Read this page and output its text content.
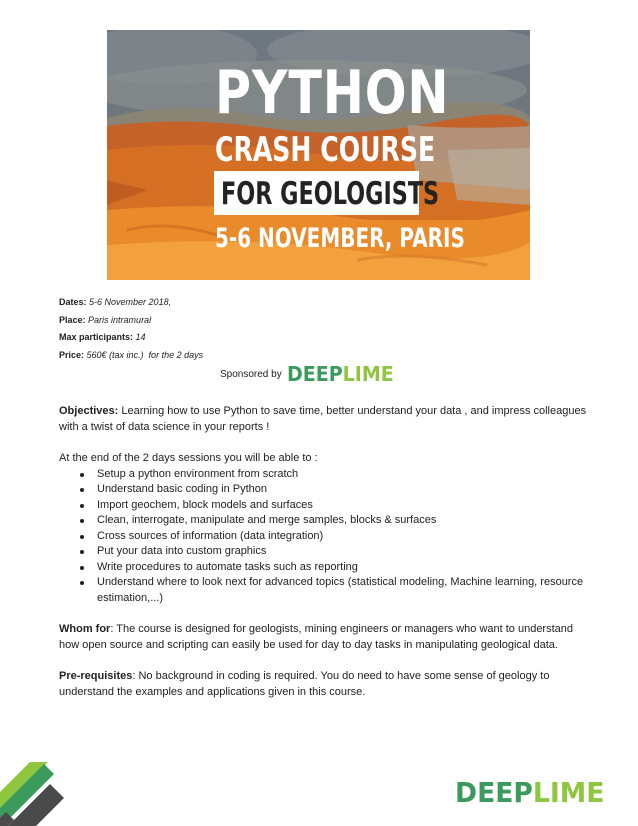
PYTHON
CRASH COURSE
FOR GEOLOGISTS
5-6 NOVEMBER, PARIS
Dates: 5-6 November 2018,
Place: Paris intramural
Max participants: 14
Price: 560€ (tax inc.)  for the 2 days
Sponsored by DEEPLIME

Objectives: Learning how to use Python to save time, better understand your data , and impress colleagues with a twist of data science in your reports !

At the end of the 2 days sessions you will be able to :

Setup a python environment from scratch
Understand basic coding in Python
Import geochem, block models and surfaces
Clean, interrogate, manipulate and merge samples, blocks & surfaces
Cross sources of information (data integration)
Put your data into custom graphics
Write procedures to automate tasks such as reporting
Understand where to look next for advanced topics (statistical modeling, Machine learning, resource estimation,...)

Whom for: The course is designed for geologists, mining engineers or managers who want to understand how open source and scripting can easily be used for day to day tasks in manipulating geological data.

Pre-requisites: No background in coding is required. You do need to have some sense of geology to understand the examples and applications given in this course.

DEEPLIME
